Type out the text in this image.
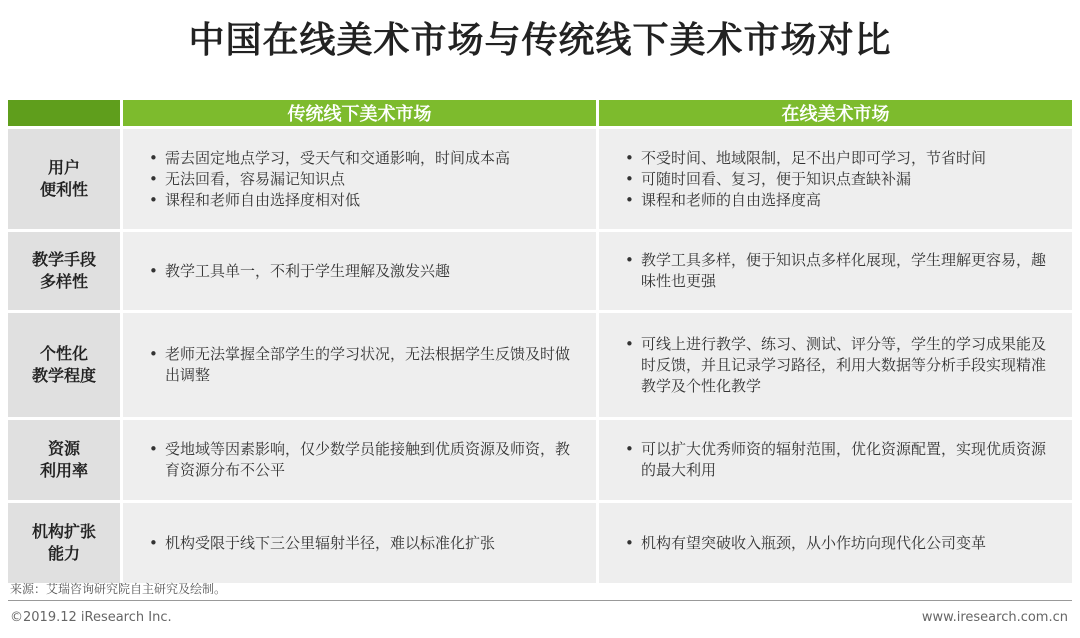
中国在线美术市场与传统线下美术市场对比
传统线下美术市场	在线美术市场
用户
便利性
• 需去固定地点学习，受天气和交通影响，时间成本高
• 无法回看，容易漏记知识点
• 课程和老师自由选择度相对低
• 不受时间、地域限制，足不出户即可学习，节省时间
• 可随时回看、复习，便于知识点查缺补漏
• 课程和老师的自由选择度高
教学手段
多样性
• 教学工具单一，不利于学生理解及激发兴趣
• 教学工具多样，便于知识点多样化展现，学生理解更容易，趣味性也更强
个性化
教学程度
• 老师无法掌握全部学生的学习状况，无法根据学生反馈及时做出调整
• 可线上进行教学、练习、测试、评分等，学生的学习成果能及时反馈，并且记录学习路径，利用大数据等分析手段实现精准教学及个性化教学
资源
利用率
• 受地域等因素影响，仅少数学员能接触到优质资源及师资，教育资源分布不公平
• 可以扩大优秀师资的辐射范围，优化资源配置，实现优质资源的最大利用
机构扩张
能力
• 机构受限于线下三公里辐射半径，难以标准化扩张
•	机构有望突破收入瓶颈，从小作坊向现代化公司变革
来源：艾瑞咨询研究院自主研究及绘制。
©2019.12 iResearch Inc.	www.iresearch.com.cn
